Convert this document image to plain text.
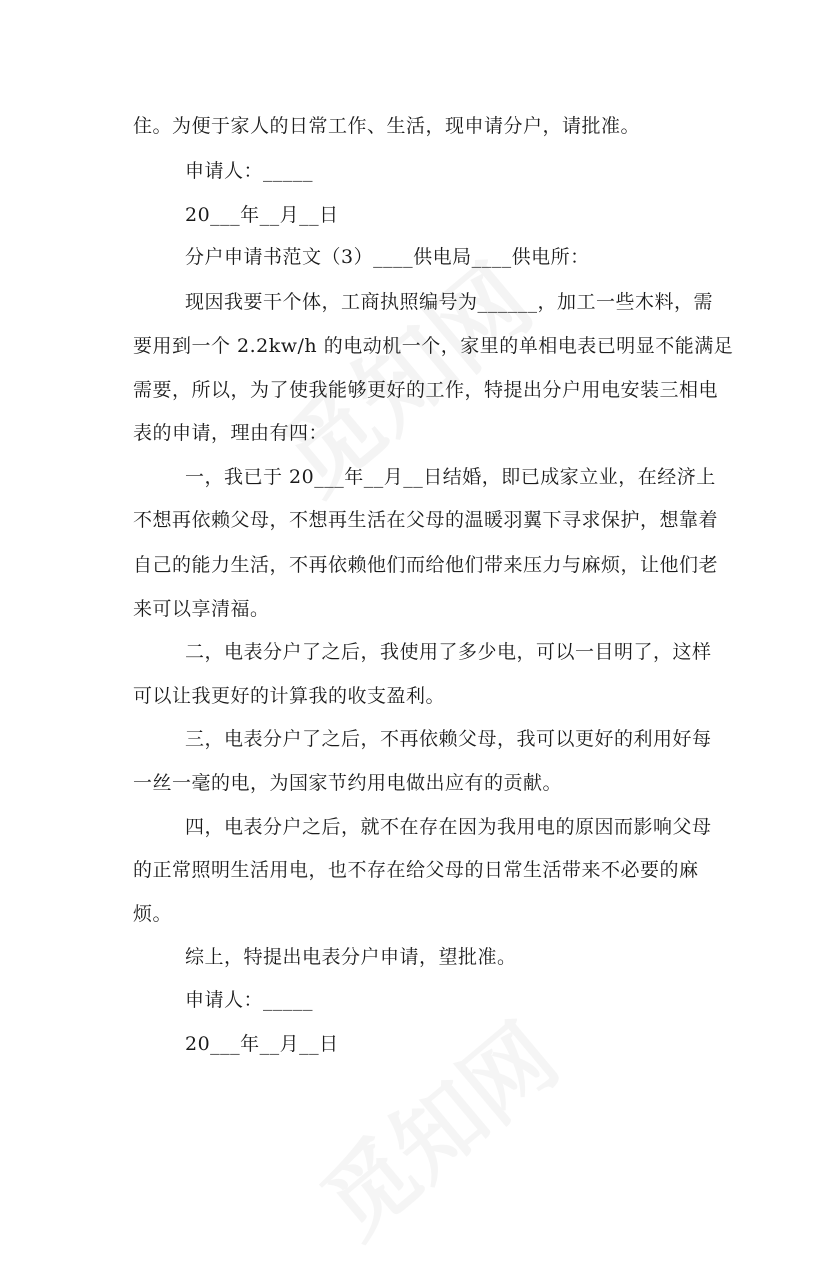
住。为便于家人的日常工作、生活，现申请分户，请批准。
申请人：_____
20___年__月__日
分户申请书范文（3）____供电局____供电所：
现因我要干个体，工商执照编号为______，加工一些木料，需
要用到一个 2.2kw/h 的电动机一个，家里的单相电表已明显不能满足
需要，所以，为了使我能够更好的工作，特提出分户用电安装三相电
表的申请，理由有四：
一，我已于 20___年__月__日结婚，即已成家立业，在经济上
不想再依赖父母，不想再生活在父母的温暖羽翼下寻求保护，想靠着
自己的能力生活，不再依赖他们而给他们带来压力与麻烦，让他们老
来可以享清福。
二，电表分户了之后，我使用了多少电，可以一目明了，这样
可以让我更好的计算我的收支盈利。
三，电表分户了之后，不再依赖父母，我可以更好的利用好每
一丝一毫的电，为国家节约用电做出应有的贡献。
四，电表分户之后，就不在存在因为我用电的原因而影响父母
的正常照明生活用电，也不存在给父母的日常生活带来不必要的麻
烦。
综上，特提出电表分户申请，望批准。
申请人：_____
20___年__月__日
